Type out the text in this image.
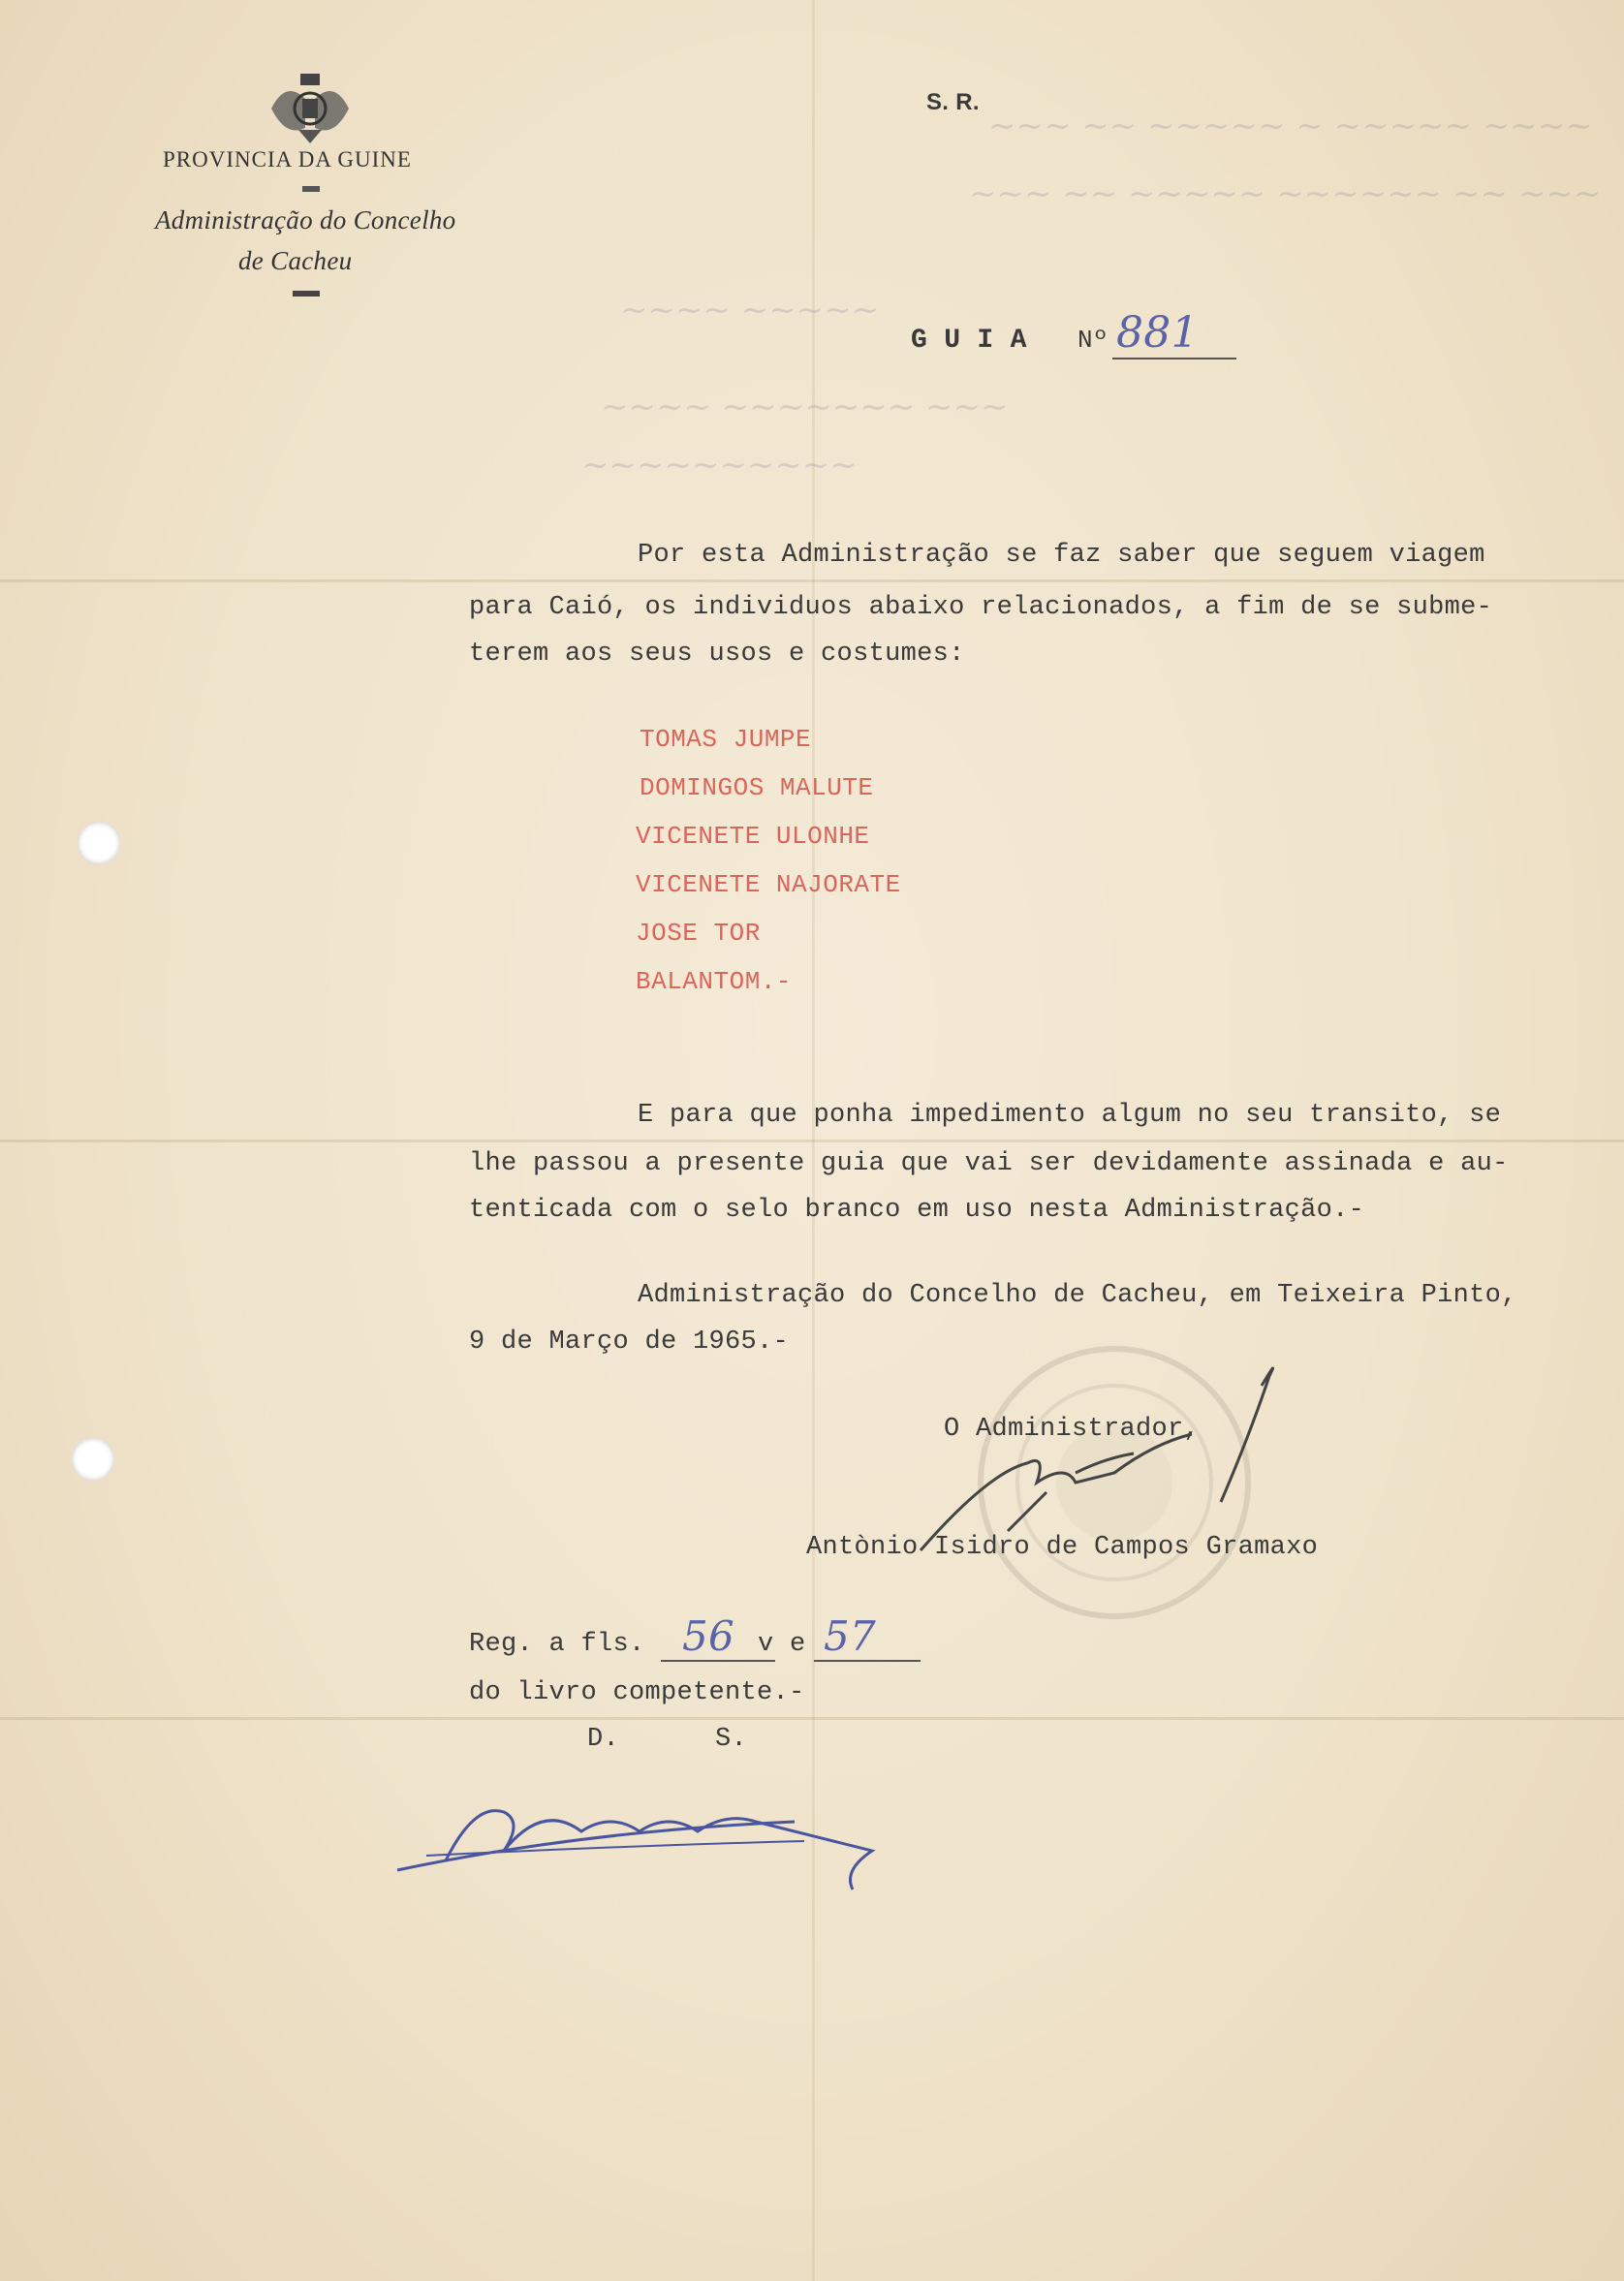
~~~ ~~ ~~~~~ ~ ~~~~~ ~~~~
~~~ ~~ ~~~~~ ~~~~~~ ~~ ~~~
~~~~ ~~~~~
~~~~ ~~~~~~~ ~~~
~~~~~~~~~~
PROVINCIA DA GUINE
Administração do Concelho
de Cacheu
S. R.
G U I A Nº 881
Por esta Administração se faz saber que seguem viagem
para Caió, os individuos abaixo relacionados, a fim de se subme-
terem aos seus usos e costumes:
TOMAS JUMPE
DOMINGOS MALUTE
VICENETE ULONHE
VICENETE NAJORATE
JOSE TOR
BALANTOM.-
E para que ponha impedimento algum no seu transito, se
lhe passou a presente guia que vai ser devidamente assinada e au-
tenticada com o selo branco em uso nesta Administração.-
Administração do Concelho de Cacheu, em Teixeira Pinto,
9 de Março de 1965.-
O Administrador,
Antònio Isidro de Campos Gramaxo
Reg. a fls. 56 v e 57
do livro competente.-
D.      S.
